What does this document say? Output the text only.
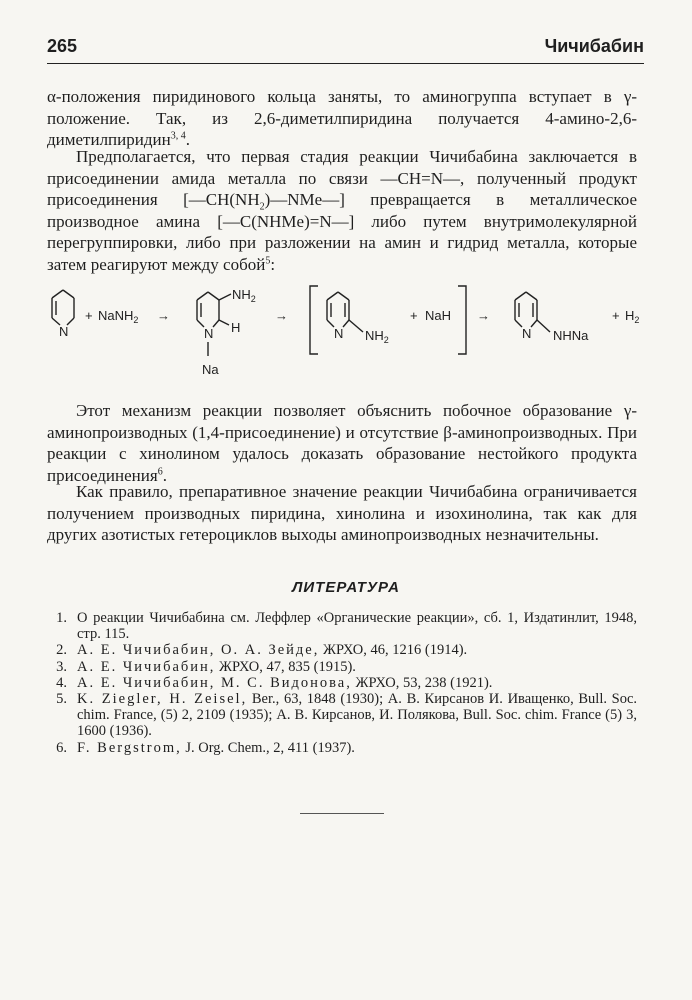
265	Чичибабин

α-положения пиридинового кольца заняты, то аминогруппа вступает в γ-положение. Так, из 2,6-диметилпиридина получается 4-амино-2,6-диметилпиридин$^{3, 4}$.

Предполагается, что первая стадия реакции Чичибабина заключается в присоединении амида металла по связи —CH=N—, полученный продукт присоединения $[—CH(NH_2)—NMe—]$ превращается в металлическое производное амина [—C(NHMe)=N—] либо путем внутримолекулярной перегруппировки, либо при разложении на амин и гидрид металла, которые затем реагируют между собой$^5$:

N
+ NaNH$_2$ →
N
$NH_2$
H
Na
→
N $NH_2$
+ NaH →
N NHNa
+ $H_2$

Этот механизм реакции позволяет объяснить побочное образование γ-аминопроизводных (1,4-присоединение) и отсутствие β-аминопроизводных. При реакции с хинолином удалось доказать образование нестойкого продукта присоединения$^6$.

Как правило, препаративное значение реакции Чичибабина ограничивается получением производных пиридина, хинолина и изохинолина, так как для других азотистых гетероциклов выходы аминопроизводных незначительны.

ЛИТЕРАТУРА

1. О реакции Чичибабина см. Леффлер «Органические реакции», сб. 1, Издатинлит, 1948, стр. 115.

2. А. Е. Чичибабин, О. А. Зейде, ЖРХО, 46, 1216 (1914).

3. А. Е. Чичибабин, ЖРХО, 47, 835 (1915).

4. А. Е. Чичибабин, М. С. Видонова, ЖРХО, 53, 238 (1921).

5. K. Ziegler, H. Zeisel, Ber., 63, 1848 (1930); А. В. Кирсанов И. Иващенко, Bull. Soc. chim. France, (5) 2, 2109 (1935); А. В. Кирсанов, И. Полякова, Bull. Soc. chim. France (5) 3, 1600 (1936).

6. F. Bergstrom, J. Org. Chem., 2, 411 (1937).
